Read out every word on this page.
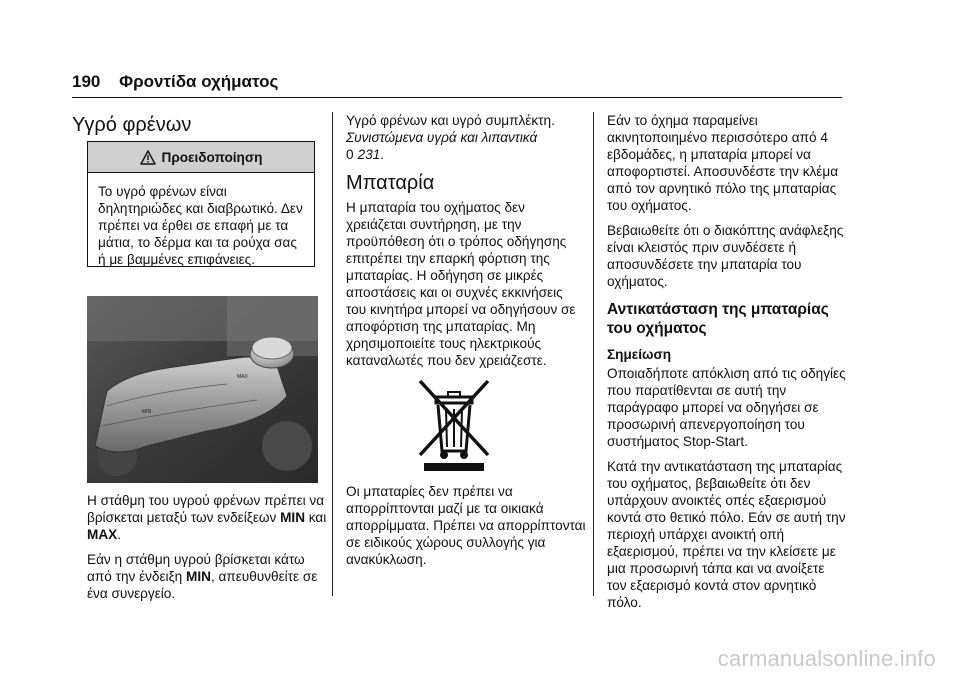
190 Φροντίδα οχήματος
Υγρό φρένων
Προειδοποίηση
Το υγρό φρένων είναι δηλητηριώδες και διαβρωτικό. Δεν πρέπει να έρθει σε επαφή με τα μάτια, το δέρμα και τα ρούχα σας ή με βαμμένες επιφάνειες.
MAX
MIN

Η στάθμη του υγρού φρένων πρέπει να βρίσκεται μεταξύ των ενδείξεων MIN και MAX.

Εάν η στάθμη υγρού βρίσκεται κάτω από την ένδειξη MIN, απευθυνθείτε σε ένα συνεργείο.

Υγρό φρένων και υγρό συμπλέκτη.
Συνιστώμενα υγρά και λιπαντικά
0 231.
Μπαταρία

Η μπαταρία του οχήματος δεν χρειάζεται συντήρηση, με την προϋπόθεση ότι ο τρόπος οδήγησης επιτρέπει την επαρκή φόρτιση της μπαταρίας. Η οδήγηση σε μικρές αποστάσεις και οι συχνές εκκινήσεις του κινητήρα μπορεί να οδηγήσουν σε αποφόρτιση της μπαταρίας. Μη χρησιμοποιείτε τους ηλεκτρικούς καταναλωτές που δεν χρειάζεστε.

Οι μπαταρίες δεν πρέπει να απορρίπτονται μαζί με τα οικιακά απορρίμματα. Πρέπει να απορρίπτονται σε ειδικούς χώρους συλλογής για ανακύκλωση.

Εάν το όχημα παραμείνει ακινητοποιημένο περισσότερο από 4 εβδομάδες, η μπαταρία μπορεί να αποφορτιστεί. Αποσυνδέστε την κλέμα από τον αρνητικό πόλο της μπαταρίας του οχήματος.

Βεβαιωθείτε ότι ο διακόπτης ανάφλεξης είναι κλειστός πριν συνδέσετε ή αποσυνδέσετε την μπαταρία του οχήματος.

Αντικατάσταση της μπαταρίας του οχήματος
Σημείωση

Οποιαδήποτε απόκλιση από τις οδηγίες που παρατίθενται σε αυτή την παράγραφο μπορεί να οδηγήσει σε προσωρινή απενεργοποίηση του συστήματος Stop-Start.

Κατά την αντικατάσταση της μπαταρίας του οχήματος, βεβαιωθείτε ότι δεν υπάρχουν ανοικτές οπές εξαερισμού κοντά στο θετικό πόλο. Εάν σε αυτή την περιοχή υπάρχει ανοικτή οπή εξαερισμού, πρέπει να την κλείσετε με μια προσωρινή τάπα και να ανοίξετε τον εξαερισμό κοντά στον αρνητικό πόλο.

carmanualsonline.info
